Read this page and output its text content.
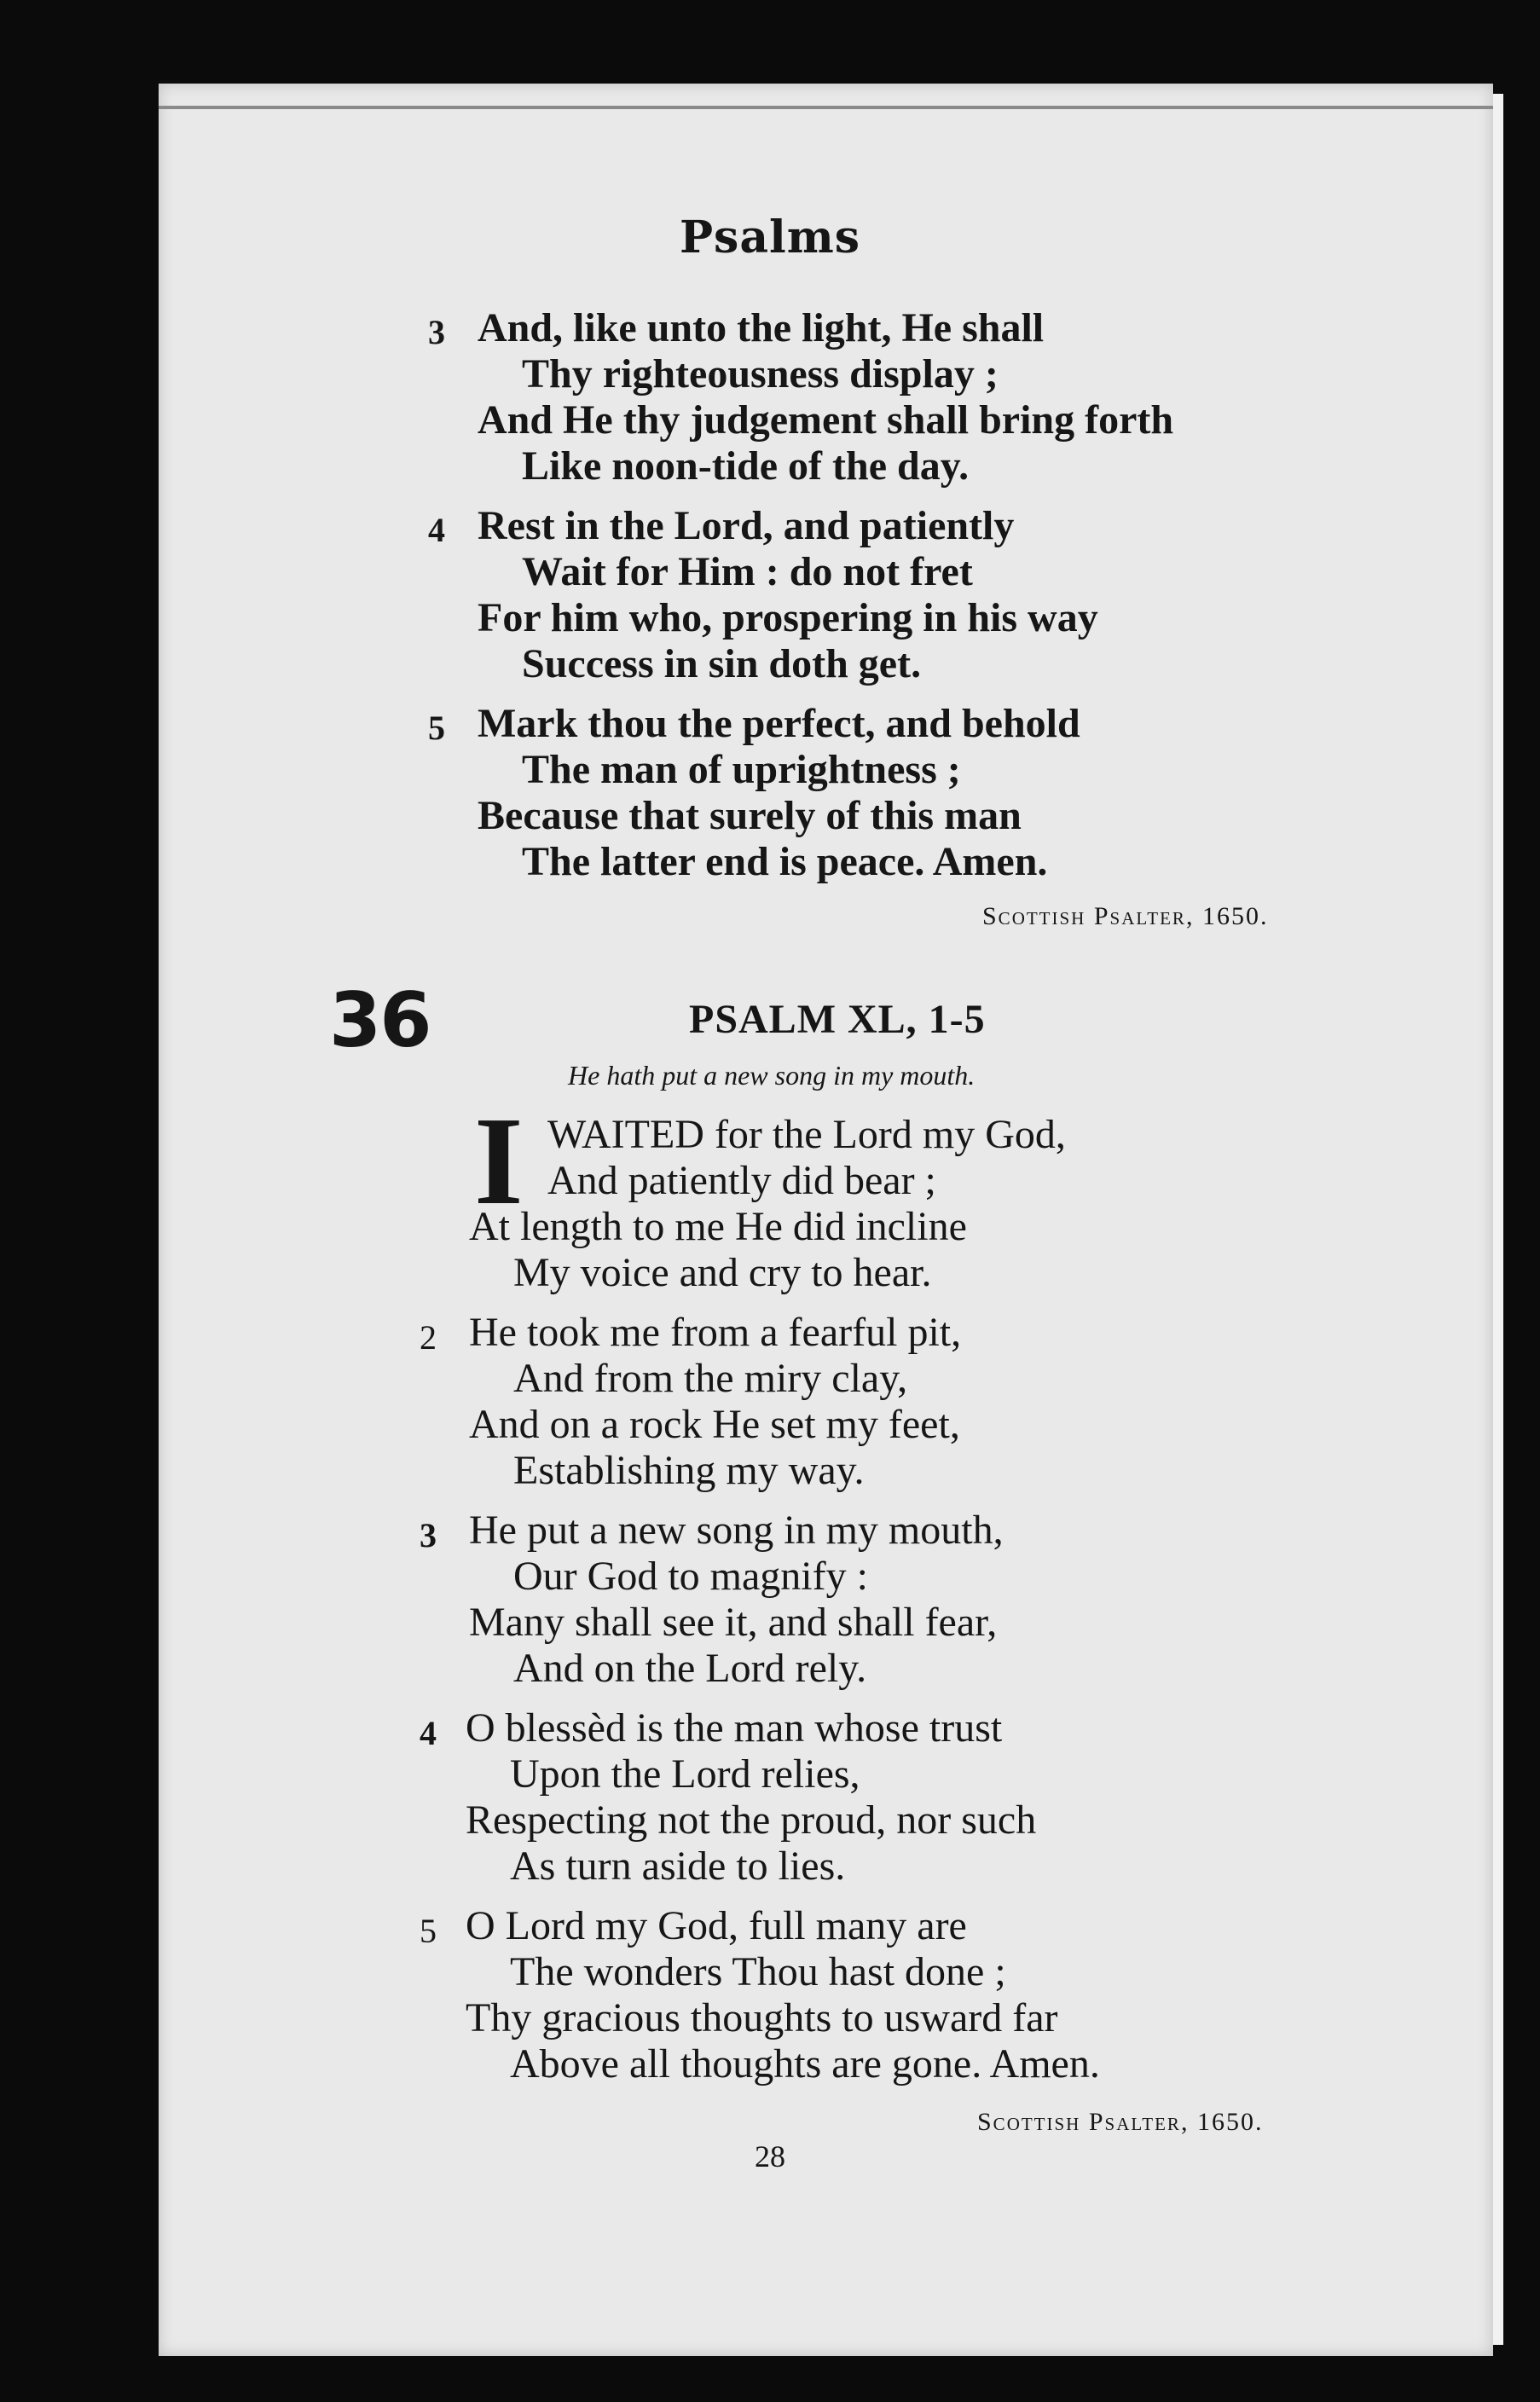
Psalms
3 And, like unto the light, He shall
Thy righteousness display ;
And He thy judgement shall bring forth
Like noon-tide of the day.
4 Rest in the Lord, and patiently
Wait for Him : do not fret
For him who, prospering in his way
Success in sin doth get.
5 Mark thou the perfect, and behold
The man of uprightness ;
Because that surely of this man
The latter end is peace. Amen.
Scottish Psalter, 1650.
36	PSALM XL, 1-5
He hath put a new song in my mouth.
I WAITED for the Lord my God,
And patiently did bear ;
At length to me He did incline
My voice and cry to hear.
2 He took me from a fearful pit,
And from the miry clay,
And on a rock He set my feet,
Establishing my way.
3 He put a new song in my mouth,
Our God to magnify :
Many shall see it, and shall fear,
And on the Lord rely.
4 O blessèd is the man whose trust
Upon the Lord relies,
Respecting not the proud, nor such
As turn aside to lies.
5 O Lord my God, full many are
The wonders Thou hast done ;
Thy gracious thoughts to usward far
Above all thoughts are gone. Amen.
Scottish Psalter, 1650.
28
